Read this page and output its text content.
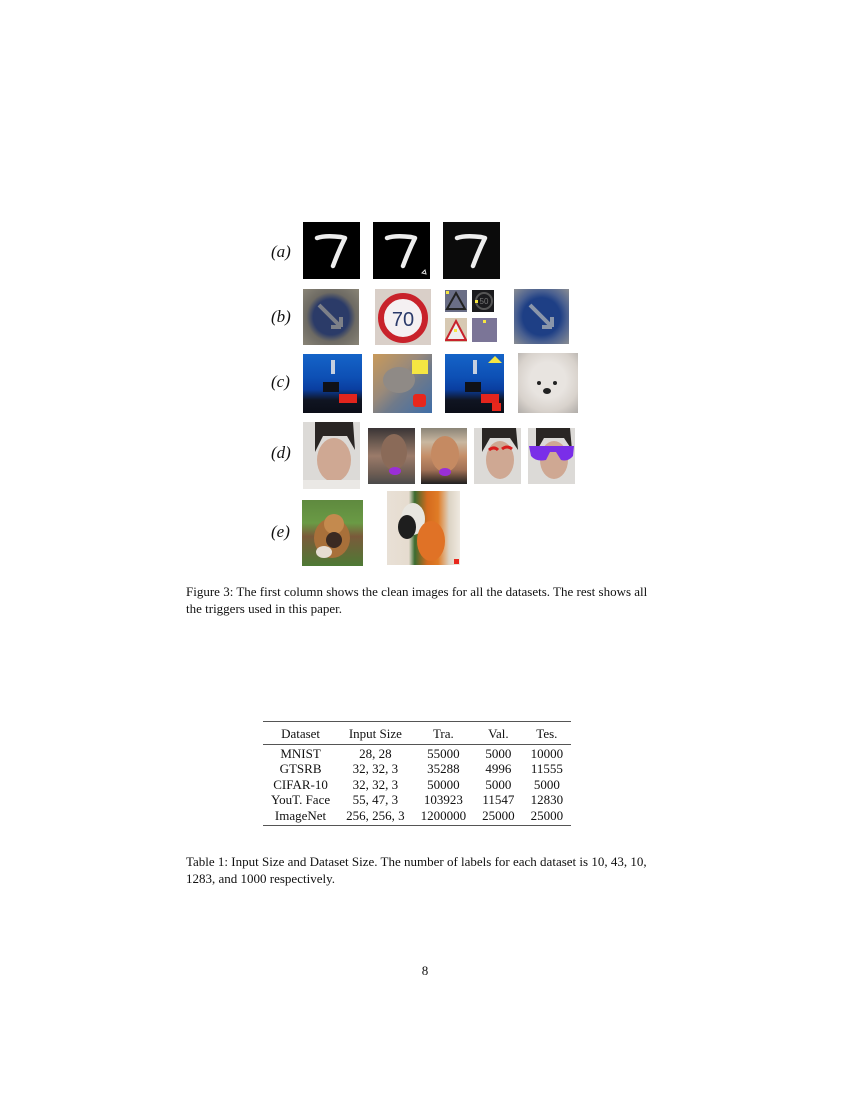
(a)
(b)
(c)
(d)
(e)
70
50
Figure 3: The first column shows the clean images for all the datasets. The rest shows all the triggers used in this paper.
Dataset	Input Size	Tra.	Val.	Tes.
MNIST	28, 28	55000	5000	10000
GTSRB	32, 32, 3	35288	4996	11555
CIFAR-10	32, 32, 3	50000	5000	5000
YouT. Face	55, 47, 3	103923	11547	12830
ImageNet	256, 256, 3	1200000	25000	25000
Table 1: Input Size and Dataset Size. The number of labels for each dataset is 10, 43, 10, 1283, and 1000 respectively.
8
